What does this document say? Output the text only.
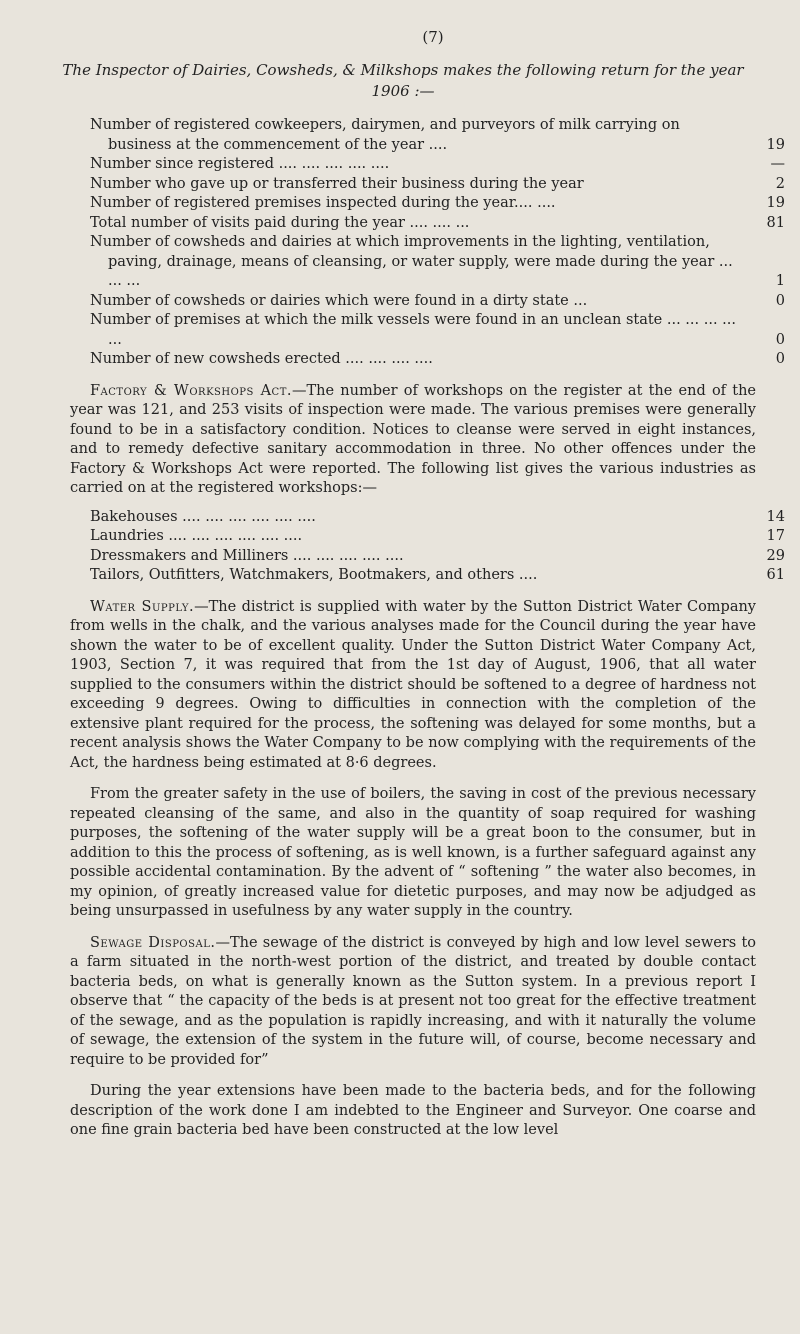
(7)
The Inspector of Dairies, Cowsheds, & Milkshops makes the following return for the year 1906 :—
Number of registered cowkeepers, dairymen, and purveyors of milk carrying on business at the commencement of the year ....	19
Number since registered .... .... .... .... ....	—
Number who gave up or transferred their business during the year	2
Number of registered premises inspected during the year.... ....	19
Total number of visits paid during the year .... .... ...	81
Number of cowsheds and dairies at which improvements in the lighting, ventilation, paving, drainage, means of cleansing, or water supply, were made during the year ... ... ...	1
Number of cowsheds or dairies which were found in a dirty state ...	0
Number of premises at which the milk vessels were found in an unclean state ... ... ... ... ...	0
Number of new cowsheds erected .... .... .... ....	0

Factory & Workshops Act.—The number of workshops on the register at the end of the year was 121, and 253 visits of inspection were made. The various premises were generally found to be in a satisfactory condition. Notices to cleanse were served in eight instances, and to remedy defective sanitary accommodation in three. No other offences under the Factory & Workshops Act were reported. The following list gives the various industries as carried on at the registered workshops:—

Bakehouses .... .... .... .... .... ....	14
Laundries .... .... .... .... .... ....	17
Dressmakers and Milliners .... .... .... .... ....	29
Tailors, Outfitters, Watchmakers, Bootmakers, and others ....	61

Water Supply.—The district is supplied with water by the Sutton District Water Company from wells in the chalk, and the various analyses made for the Council during the year have shown the water to be of excellent quality. Under the Sutton District Water Company Act, 1903, Section 7, it was required that from the 1st day of August, 1906, that all water supplied to the consumers within the district should be softened to a degree of hardness not exceeding 9 degrees. Owing to difficulties in connection with the completion of the extensive plant required for the process, the softening was delayed for some months, but a recent analysis shows the Water Company to be now complying with the requirements of the Act, the hardness being estimated at 8·6 degrees.

From the greater safety in the use of boilers, the saving in cost of the previous necessary repeated cleansing of the same, and also in the quantity of soap required for washing purposes, the softening of the water supply will be a great boon to the consumer, but in addition to this the process of softening, as is well known, is a further safeguard against any possible accidental contamination. By the advent of “ softening ” the water also becomes, in my opinion, of greatly increased value for dietetic purposes, and may now be adjudged as being unsurpassed in usefulness by any water supply in the country.

Sewage Disposal.—The sewage of the district is conveyed by high and low level sewers to a farm situated in the north-west portion of the district, and treated by double contact bacteria beds, on what is generally known as the Sutton system. In a previous report I observe that “ the capacity of the beds is at present not too great for the effective treatment of the sewage, and as the population is rapidly increasing, and with it naturally the volume of sewage, the extension of the system in the future will, of course, become necessary and require to be provided for”

During the year extensions have been made to the bacteria beds, and for the following description of the work done I am indebted to the Engineer and Surveyor. One coarse and one fine grain bacteria bed have been constructed at the low level
